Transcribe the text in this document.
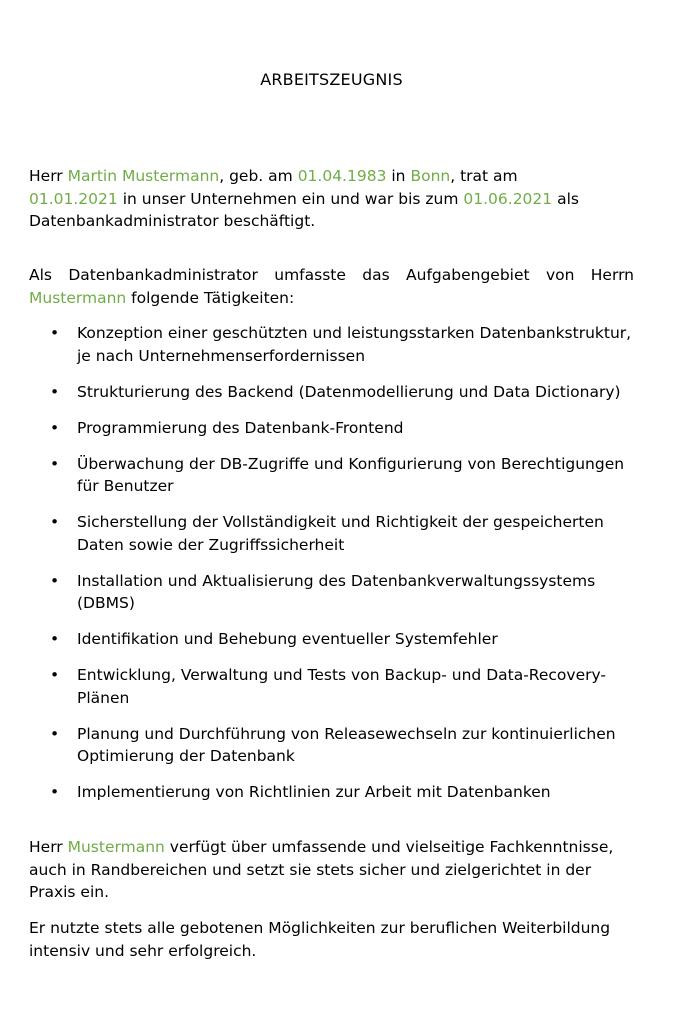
ARBEITSZEUGNIS

Herr Martin Mustermann, geb. am 01.04.1983 in Bonn, trat am
01.01.2021 in unser Unternehmen ein und war bis zum 01.06.2021 als Datenbankadministrator beschäftigt.

Als Datenbankadministrator umfasste das Aufgabengebiet von Herrn
Mustermann folgende Tätigkeiten:

• Konzeption einer geschützten und leistungsstarken Datenbankstruktur, je nach Unternehmenserfordernissen
• Strukturierung des Backend (Datenmodellierung und Data Dictionary)
• Programmierung des Datenbank-Frontend
• Überwachung der DB-Zugriffe und Konfigurierung von Berechtigungen für Benutzer
• Sicherstellung der Vollständigkeit und Richtigkeit der gespeicherten Daten sowie der Zugriffssicherheit
• Installation und Aktualisierung des Datenbankverwaltungssystems (DBMS)
• Identifikation und Behebung eventueller Systemfehler
• Entwicklung, Verwaltung und Tests von Backup- und Data-Recovery-Plänen
• Planung und Durchführung von Releasewechseln zur kontinuierlichen Optimierung der Datenbank
• Implementierung von Richtlinien zur Arbeit mit Datenbanken

Herr Mustermann verfügt über umfassende und vielseitige Fachkenntnisse, auch in Randbereichen und setzt sie stets sicher und zielgerichtet in der Praxis ein.

Er nutzte stets alle gebotenen Möglichkeiten zur beruflichen Weiterbildung intensiv und sehr erfolgreich.
